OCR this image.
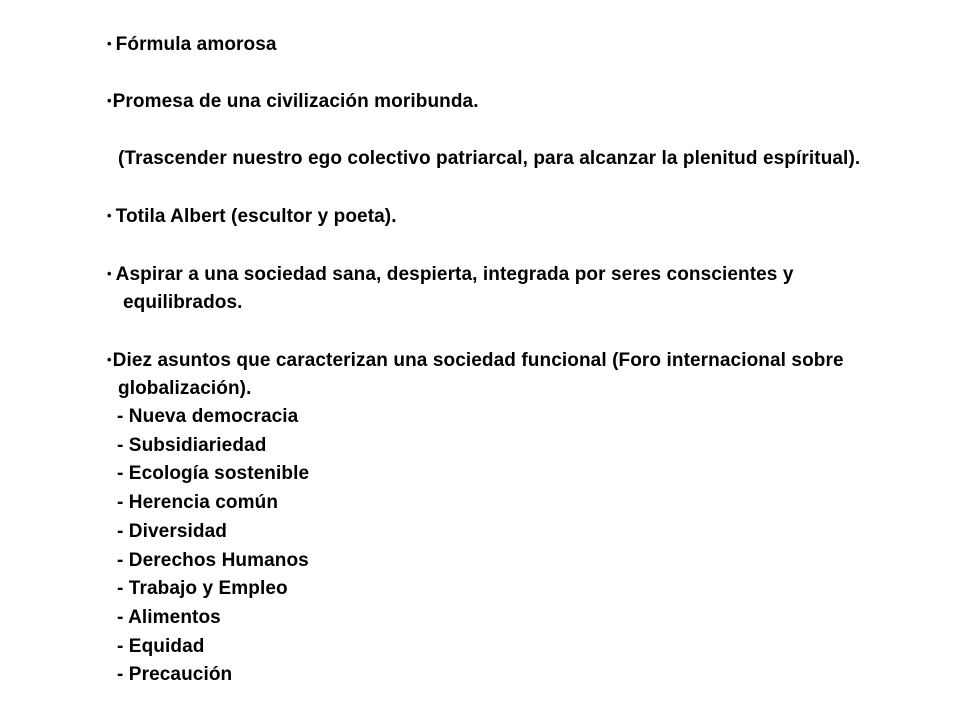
• Fórmula amorosa
•Promesa de una civilización moribunda.
(Trascender nuestro ego colectivo patriarcal, para alcanzar la plenitud espíritual).
• Totila Albert (escultor y poeta).
• Aspirar a una sociedad sana, despierta, integrada por seres conscientes y
equilibrados.
•Diez asuntos que caracterizan una sociedad funcional (Foro internacional sobre
globalización).
- Nueva democracia
- Subsidiariedad
- Ecología sostenible
- Herencia común
- Diversidad
- Derechos Humanos
- Trabajo y Empleo
- Alimentos
- Equidad
- Precaución
